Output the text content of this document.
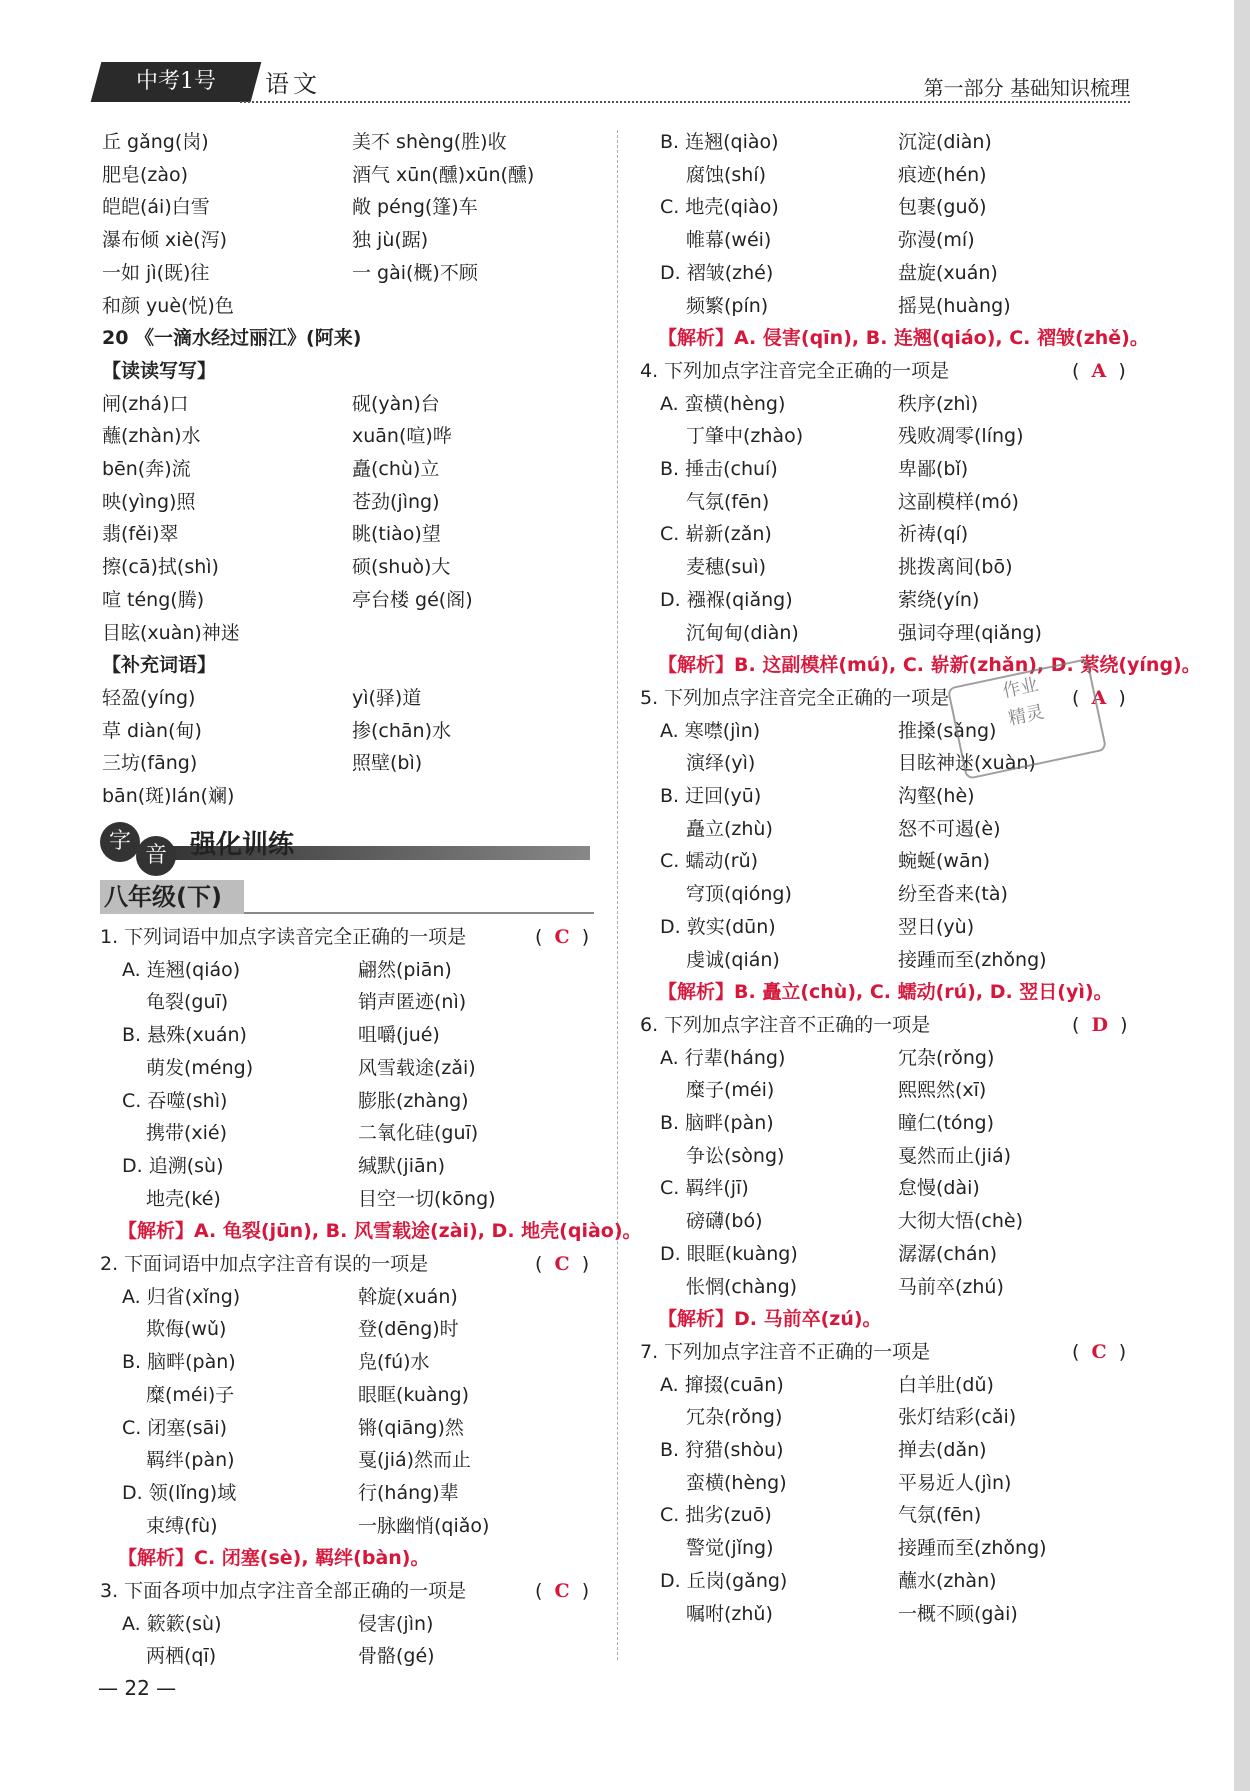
中考1号	语文	第一部分 基础知识梳理
丘 gǎng(岗)	美不 shèng(胜)收
肥皂(zào)	酒气 xūn(醺)xūn(醺)
皑皑(ái)白雪	敞 péng(篷)车
瀑布倾 xiè(泻)	独 jù(踞)
一如 jì(既)往	一 gài(概)不顾
和颜 yuè(悦)色
20 《一滴水经过丽江》(阿来)
【读读写写】
闸(zhá)口	砚(yàn)台
蘸(zhàn)水	xuān(喧)哗
bēn(奔)流	矗(chù)立
映(yìng)照	苍劲(jìng)
翡(fěi)翠	眺(tiào)望
擦(cā)拭(shì)	硕(shuò)大
喧 téng(腾)	亭台楼 gé(阁)
目眩(xuàn)神迷
【补充词语】
轻盈(yíng)	yì(驿)道
草 diàn(甸)	掺(chān)水
三坊(fāng)	照壁(bì)
bān(斑)lán(斓)
字
音 强化训练
八年级(下)
1. 下列词语中加点字读音完全正确的一项是	(  C  )
A. 连翘(qiáo)	翩然(piān)
龟裂(guī)	销声匿迹(nì)
B. 悬殊(xuán)	咀嚼(jué)
萌发(méng)	风雪载途(zǎi)
C. 吞噬(shì)	膨胀(zhàng)
携带(xié)	二氧化硅(guī)
D. 追溯(sù)	缄默(jiān)
地壳(ké)	目空一切(kōng)
【解析】A. 龟裂(jūn), B. 风雪载途(zài), D. 地壳(qiào)。
2. 下面词语中加点字注音有误的一项是	(  C  )
A. 归省(xǐng)	斡旋(xuán)
欺侮(wǔ)	登(dēng)时
B. 脑畔(pàn)	凫(fú)水
糜(méi)子	眼眶(kuàng)
C. 闭塞(sāi)	锵(qiāng)然
羁绊(pàn)	戛(jiá)然而止
D. 领(lǐng)域	行(háng)辈
束缚(fù)	一脉幽悄(qiǎo)
【解析】C. 闭塞(sè), 羁绊(bàn)。
3. 下面各项中加点字注音全部正确的一项是	(  C  )
A. 簌簌(sù)	侵害(jìn)
两栖(qī)	骨骼(gé)
B. 连翘(qiào)	沉淀(diàn)
腐蚀(shí)	痕迹(hén)
C. 地壳(qiào)	包裹(guǒ)
帷幕(wéi)	弥漫(mí)
D. 褶皱(zhé)	盘旋(xuán)
频繁(pín)	摇晃(huàng)
【解析】A. 侵害(qīn), B. 连翘(qiáo), C. 褶皱(zhě)。
4. 下列加点字注音完全正确的一项是	(  A  )
A. 蛮横(hèng)	秩序(zhì)
丁肇中(zhào)	残败凋零(líng)
B. 捶击(chuí)	卑鄙(bǐ)
气氛(fēn)	这副模样(mó)
C. 崭新(zǎn)	祈祷(qí)
麦穗(suì)	挑拨离间(bō)
D. 襁褓(qiǎng)	萦绕(yín)
沉甸甸(diàn)	强词夺理(qiǎng)
【解析】B. 这副模样(mú), C. 崭新(zhǎn), D. 萦绕(yíng)。
5. 下列加点字注音完全正确的一项是	(  A  )
A. 寒噤(jìn)	推搡(sǎng)
演绎(yì)	目眩神迷(xuàn)
B. 迂回(yū)	沟壑(hè)
矗立(zhù)	怒不可遏(è)
C. 蠕动(rǔ)	蜿蜒(wān)
穹顶(qióng)	纷至沓来(tà)
D. 敦实(dūn)	翌日(yù)
虔诚(qián)	接踵而至(zhǒng)
【解析】B. 矗立(chù), C. 蠕动(rú), D. 翌日(yì)。
6. 下列加点字注音不正确的一项是	(  D  )
A. 行辈(háng)	冗杂(rǒng)
糜子(méi)	熙熙然(xī)
B. 脑畔(pàn)	瞳仁(tóng)
争讼(sòng)	戛然而止(jiá)
C. 羁绊(jī)	怠慢(dài)
磅礴(bó)	大彻大悟(chè)
D. 眼眶(kuàng)	潺潺(chán)
怅惘(chàng)	马前卒(zhú)
【解析】D. 马前卒(zú)。
7. 下列加点字注音不正确的一项是	(  C  )
A. 撺掇(cuān)	白羊肚(dǔ)
冗杂(rǒng)	张灯结彩(cǎi)
B. 狩猎(shòu)	掸去(dǎn)
蛮横(hèng)	平易近人(jìn)
C. 拙劣(zuō)	气氛(fēn)
警觉(jǐng)	接踵而至(zhǒng)
D. 丘岗(gǎng)	蘸水(zhàn)
嘱咐(zhǔ)	一概不顾(gài)
作业
精灵
— 22 —
